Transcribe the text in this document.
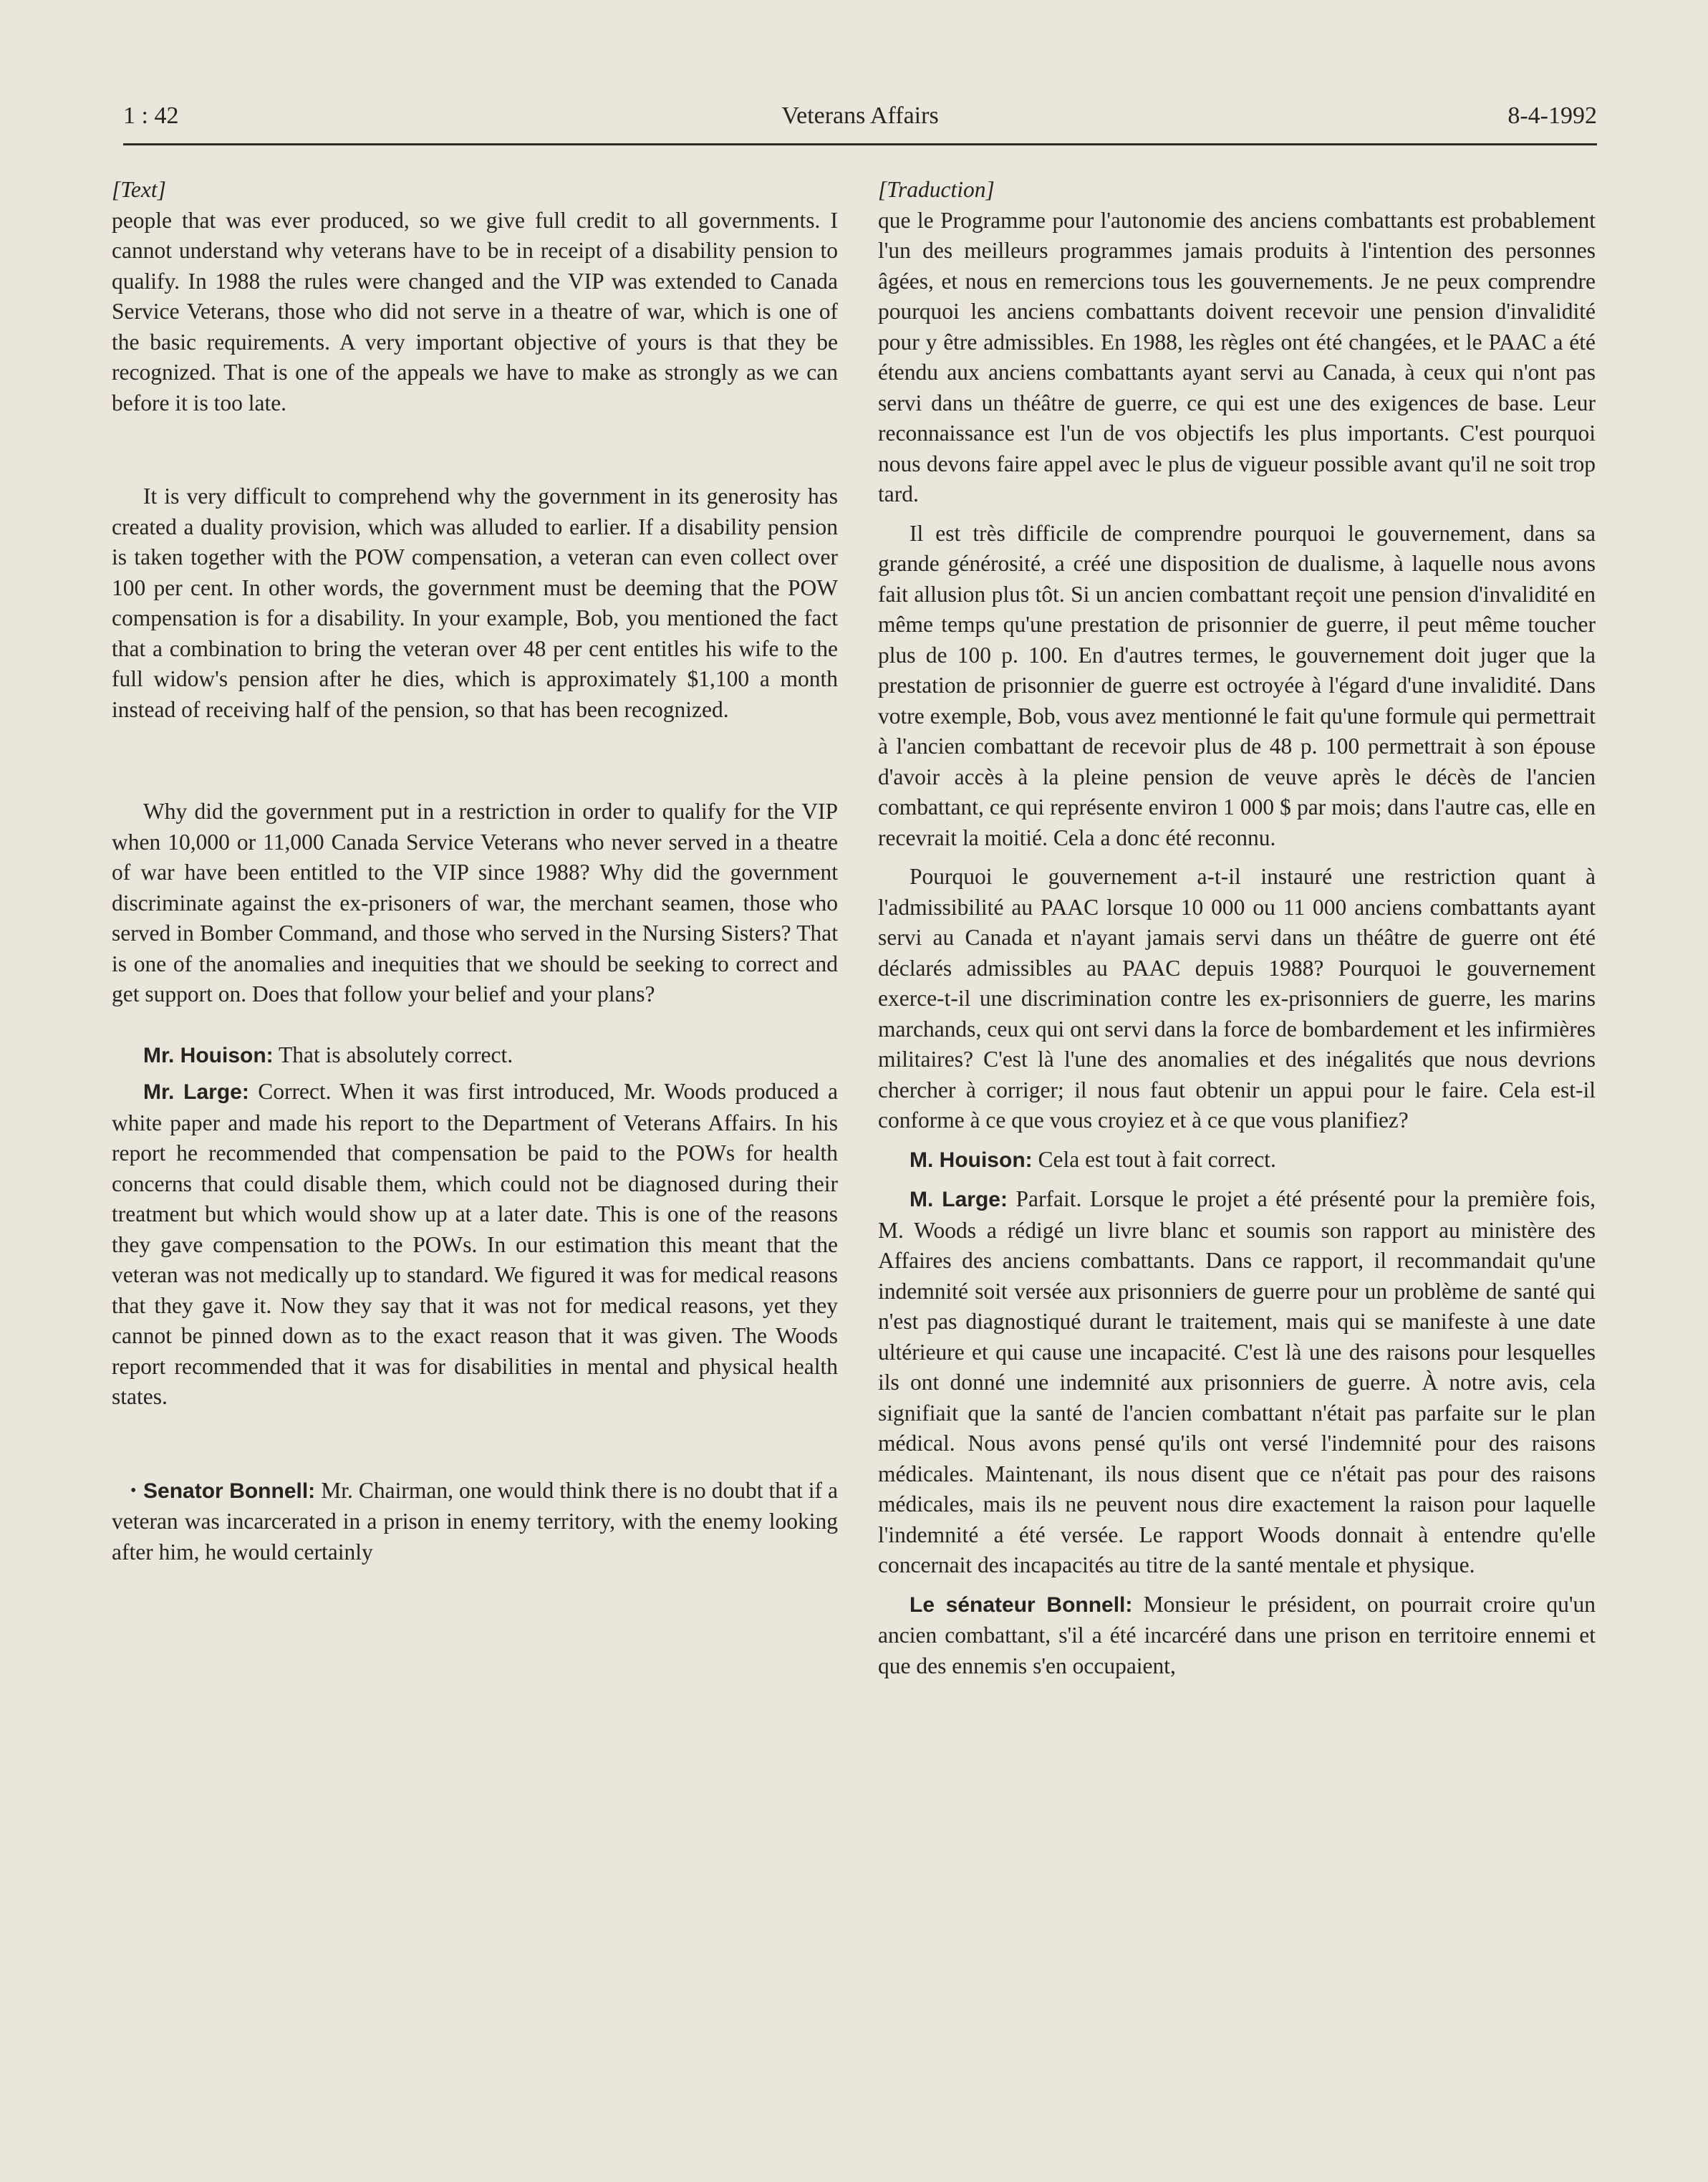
1 : 42	Veterans Affairs	8-4-1992

[Text]

people that was ever produced, so we give full credit to all governments. I cannot understand why veterans have to be in receipt of a disability pension to qualify. In 1988 the rules were changed and the VIP was extended to Canada Service Veterans, those who did not serve in a theatre of war, which is one of the basic requirements. A very important objective of yours is that they be recognized. That is one of the appeals we have to make as strongly as we can before it is too late.

It is very difficult to comprehend why the government in its generosity has created a duality provision, which was alluded to earlier. If a disability pension is taken together with the POW compensation, a veteran can even collect over 100 per cent. In other words, the government must be deeming that the POW compensation is for a disability. In your example, Bob, you mentioned the fact that a combination to bring the veteran over 48 per cent entitles his wife to the full widow's pension after he dies, which is approximately $1,100 a month instead of receiving half of the pension, so that has been recognized.

Why did the government put in a restriction in order to qualify for the VIP when 10,000 or 11,000 Canada Service Veterans who never served in a theatre of war have been entitled to the VIP since 1988? Why did the government discriminate against the ex-prisoners of war, the merchant seamen, those who served in Bomber Command, and those who served in the Nursing Sisters? That is one of the anomalies and inequities that we should be seeking to correct and get support on. Does that follow your belief and your plans?

Mr. Houison: That is absolutely correct.

Mr. Large: Correct. When it was first introduced, Mr. Woods produced a white paper and made his report to the Department of Veterans Affairs. In his report he recommended that compensation be paid to the POWs for health concerns that could disable them, which could not be diagnosed during their treatment but which would show up at a later date. This is one of the reasons they gave compensation to the POWs. In our estimation this meant that the veteran was not medically up to standard. We figured it was for medical reasons that they gave it. Now they say that it was not for medical reasons, yet they cannot be pinned down as to the exact reason that it was given. The Woods report recommended that it was for disabilities in mental and physical health states.

• Senator Bonnell: Mr. Chairman, one would think there is no doubt that if a veteran was incarcerated in a prison in enemy territory, with the enemy looking after him, he would certainly

[Traduction]

que le Programme pour l'autonomie des anciens combattants est probablement l'un des meilleurs programmes jamais produits à l'intention des personnes âgées, et nous en remercions tous les gouvernements. Je ne peux comprendre pourquoi les anciens combattants doivent recevoir une pension d'invalidité pour y être admissibles. En 1988, les règles ont été changées, et le PAAC a été étendu aux anciens combattants ayant servi au Canada, à ceux qui n'ont pas servi dans un théâtre de guerre, ce qui est une des exigences de base. Leur reconnaissance est l'un de vos objectifs les plus importants. C'est pourquoi nous devons faire appel avec le plus de vigueur possible avant qu'il ne soit trop tard.

Il est très difficile de comprendre pourquoi le gouvernement, dans sa grande générosité, a créé une disposition de dualisme, à laquelle nous avons fait allusion plus tôt. Si un ancien combattant reçoit une pension d'invalidité en même temps qu'une prestation de prisonnier de guerre, il peut même toucher plus de 100 p. 100. En d'autres termes, le gouvernement doit juger que la prestation de prisonnier de guerre est octroyée à l'égard d'une invalidité. Dans votre exemple, Bob, vous avez mentionné le fait qu'une formule qui permettrait à l'ancien combattant de recevoir plus de 48 p. 100 permettrait à son épouse d'avoir accès à la pleine pension de veuve après le décès de l'ancien combattant, ce qui représente environ 1 000 $ par mois; dans l'autre cas, elle en recevrait la moitié. Cela a donc été reconnu.

Pourquoi le gouvernement a-t-il instauré une restriction quant à l'admissibilité au PAAC lorsque 10 000 ou 11 000 anciens combattants ayant servi au Canada et n'ayant jamais servi dans un théâtre de guerre ont été déclarés admissibles au PAAC depuis 1988? Pourquoi le gouvernement exerce-t-il une discrimination contre les ex-prisonniers de guerre, les marins marchands, ceux qui ont servi dans la force de bombardement et les infirmières militaires? C'est là l'une des anomalies et des inégalités que nous devrions chercher à corriger; il nous faut obtenir un appui pour le faire. Cela est-il conforme à ce que vous croyiez et à ce que vous planifiez?

M. Houison: Cela est tout à fait correct.

M. Large: Parfait. Lorsque le projet a été présenté pour la première fois, M. Woods a rédigé un livre blanc et soumis son rapport au ministère des Affaires des anciens combattants. Dans ce rapport, il recommandait qu'une indemnité soit versée aux prisonniers de guerre pour un problème de santé qui n'est pas diagnostiqué durant le traitement, mais qui se manifeste à une date ultérieure et qui cause une incapacité. C'est là une des raisons pour lesquelles ils ont donné une indemnité aux prisonniers de guerre. À notre avis, cela signifiait que la santé de l'ancien combattant n'était pas parfaite sur le plan médical. Nous avons pensé qu'ils ont versé l'indemnité pour des raisons médicales. Maintenant, ils nous disent que ce n'était pas pour des raisons médicales, mais ils ne peuvent nous dire exactement la raison pour laquelle l'indemnité a été versée. Le rapport Woods donnait à entendre qu'elle concernait des incapacités au titre de la santé mentale et physique.

Le sénateur Bonnell: Monsieur le président, on pourrait croire qu'un ancien combattant, s'il a été incarcéré dans une prison en territoire ennemi et que des ennemis s'en occupaient,
